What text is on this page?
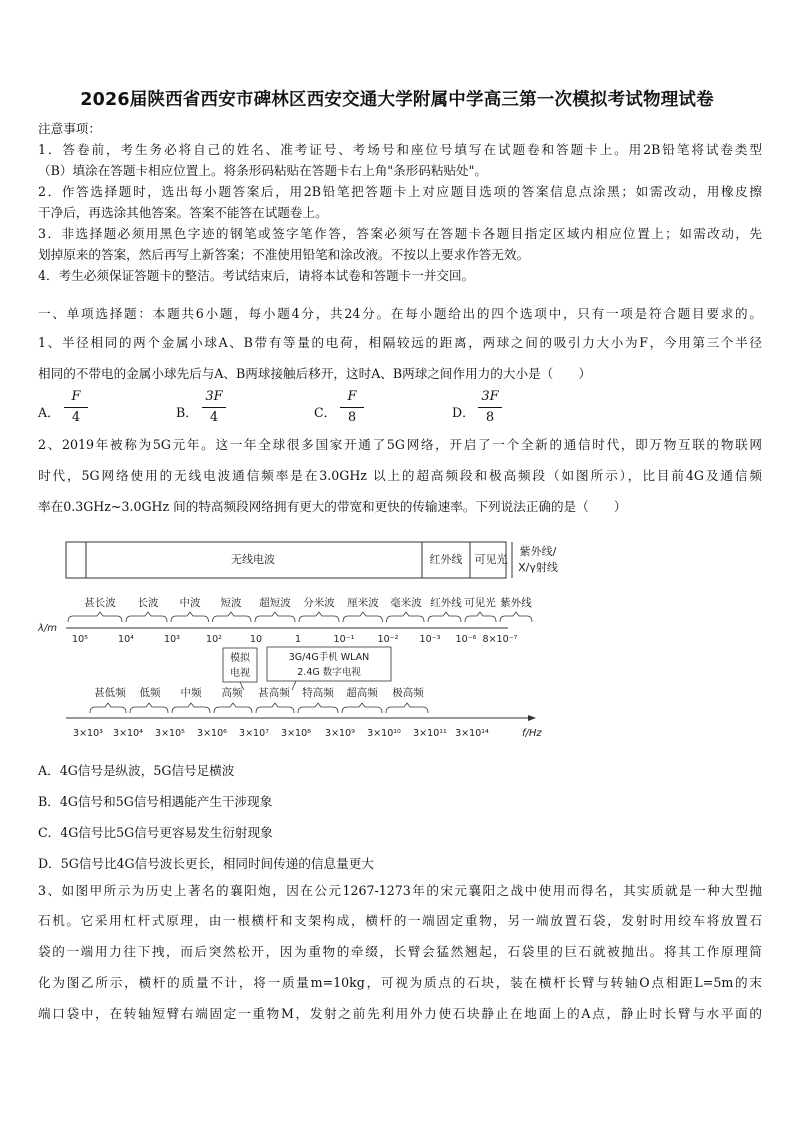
2026届陕西省西安市碑林区西安交通大学附属中学高三第一次模拟考试物理试卷
注意事项：
1．答卷前，考生务必将自己的姓名、准考证号、考场号和座位号填写在试题卷和答题卡上。用2B铅笔将试卷类型
（B）填涂在答题卡相应位置上。将条形码粘贴在答题卡右上角"条形码粘贴处"。
2．作答选择题时，选出每小题答案后，用2B铅笔把答题卡上对应题目选项的答案信息点涂黑；如需改动，用橡皮擦
干净后，再选涂其他答案。答案不能答在试题卷上。
3．非选择题必须用黑色字迹的钢笔或签字笔作答，答案必须写在答题卡各题目指定区域内相应位置上；如需改动，先
划掉原来的答案，然后再写上新答案；不准使用铅笔和涂改液。不按以上要求作答无效。
4．考生必须保证答题卡的整洁。考试结束后，请将本试卷和答题卡一并交回。
一、单项选择题：本题共6小题，每小题4分，共24分。在每小题给出的四个选项中，只有一项是符合题目要求的。
1、半径相同的两个金属小球A、B带有等量的电荷，相隔较远的距离，两球之间的吸引力大小为F，今用第三个半径
相同的不带电的金属小球先后与A、B两球接触后移开，这时A、B两球之间作用力的大小是（　　）
A．
F
4	B．
3F
4	C．
F
8	D．
3F
8
2、2019年被称为5G元年。这一年全球很多国家开通了5G网络，开启了一个全新的通信时代，即万物互联的物联网
时代，5G网络使用的无线电波通信频率是在3.0GHz 以上的超高频段和极高频段（如图所示），比目前4G及通信频
率在0.3GHz~3.0GHz 间的特高频段网络拥有更大的带宽和更快的传输速率。下列说法正确的是（　　）
无线电波	红外线 可见光
紫外线/
X/γ射线
甚长波 长波 中波 短波 超短波 分米波 厘米波 毫米波 红外线 可见光 紫外线
λ/m
10⁵	10⁴	10³	10²	10	1	10⁻¹ 10⁻² 10⁻³ 10⁻⁶ 8×10⁻⁷
模拟
电视
3G/4G手机 WLAN
2.4G 数字电视
甚低频 低频 中频 高频 甚高频 特高频 超高频 极高频
3×10³ 3×10⁴ 3×10⁵ 3×10⁶ 3×10⁷ 3×10⁸ 3×10⁹ 3×10¹⁰ 3×10¹¹ 3×10¹⁴	f/Hz
A．4G信号是纵波，5G信号足横波
B．4G信号和5G信号相遇能产生干涉现象
C．4G信号比5G信号更容易发生衍射现象
D．5G信号比4G信号波长更长，相同时间传递的信息量更大
3、如图甲所示为历史上著名的襄阳炮，因在公元1267-1273年的宋元襄阳之战中使用而得名，其实质就是一种大型抛
石机。它采用杠杆式原理，由一根横杆和支架构成，横杆的一端固定重物，另一端放置石袋，发射时用绞车将放置石
袋的一端用力往下拽，而后突然松开，因为重物的牵缀，长臂会猛然翘起，石袋里的巨石就被抛出。将其工作原理简
化为图乙所示，横杆的质量不计，将一质量m=10kg，可视为质点的石块，装在横杆长臂与转轴O点相距L=5m的末
端口袋中，在转轴短臂右端固定一重物M，发射之前先利用外力使石块静止在地面上的A点，静止时长臂与水平面的
